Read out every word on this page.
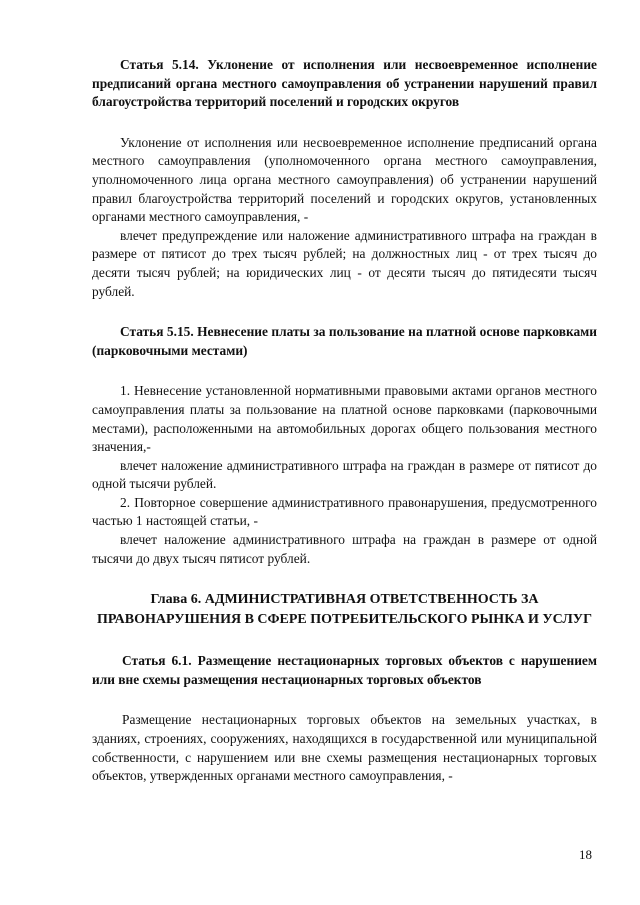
Статья 5.14. Уклонение от исполнения или несвоевременное исполнение предписаний органа местного самоуправления об устранении нарушений правил благоустройства территорий поселений и городских округов
Уклонение от исполнения или несвоевременное исполнение предписаний органа местного самоуправления (уполномоченного органа местного самоуправления, уполномоченного лица органа местного самоуправления) об устранении нарушений правил благоустройства территорий поселений и городских округов, установленных органами местного самоуправления, -
влечет предупреждение или наложение административного штрафа на граждан в размере от пятисот до трех тысяч рублей; на должностных лиц - от трех тысяч до десяти тысяч рублей; на юридических лиц - от десяти тысяч до пятидесяти тысяч рублей.
Статья 5.15. Невнесение платы за пользование на платной основе парковками (парковочными местами)
1. Невнесение установленной нормативными правовыми актами органов местного самоуправления платы за пользование на платной основе парковками (парковочными местами), расположенными на автомобильных дорогах общего пользования местного значения,-
влечет наложение административного штрафа на граждан в размере от пятисот до одной тысячи рублей.
2. Повторное совершение административного правонарушения, предусмотренного частью 1 настоящей статьи, -
влечет наложение административного штрафа на граждан в размере от одной тысячи до двух тысяч пятисот рублей.
Глава 6. АДМИНИСТРАТИВНАЯ ОТВЕТСТВЕННОСТЬ ЗА ПРАВОНАРУШЕНИЯ В СФЕРЕ ПОТРЕБИТЕЛЬСКОГО РЫНКА И УСЛУГ
Статья 6.1. Размещение нестационарных торговых объектов с нарушением или вне схемы размещения нестационарных торговых объектов
Размещение нестационарных торговых объектов на земельных участках, в зданиях, строениях, сооружениях, находящихся в государственной или муниципальной собственности, с нарушением или вне схемы размещения нестационарных торговых объектов, утвержденных органами местного самоуправления, -
18
